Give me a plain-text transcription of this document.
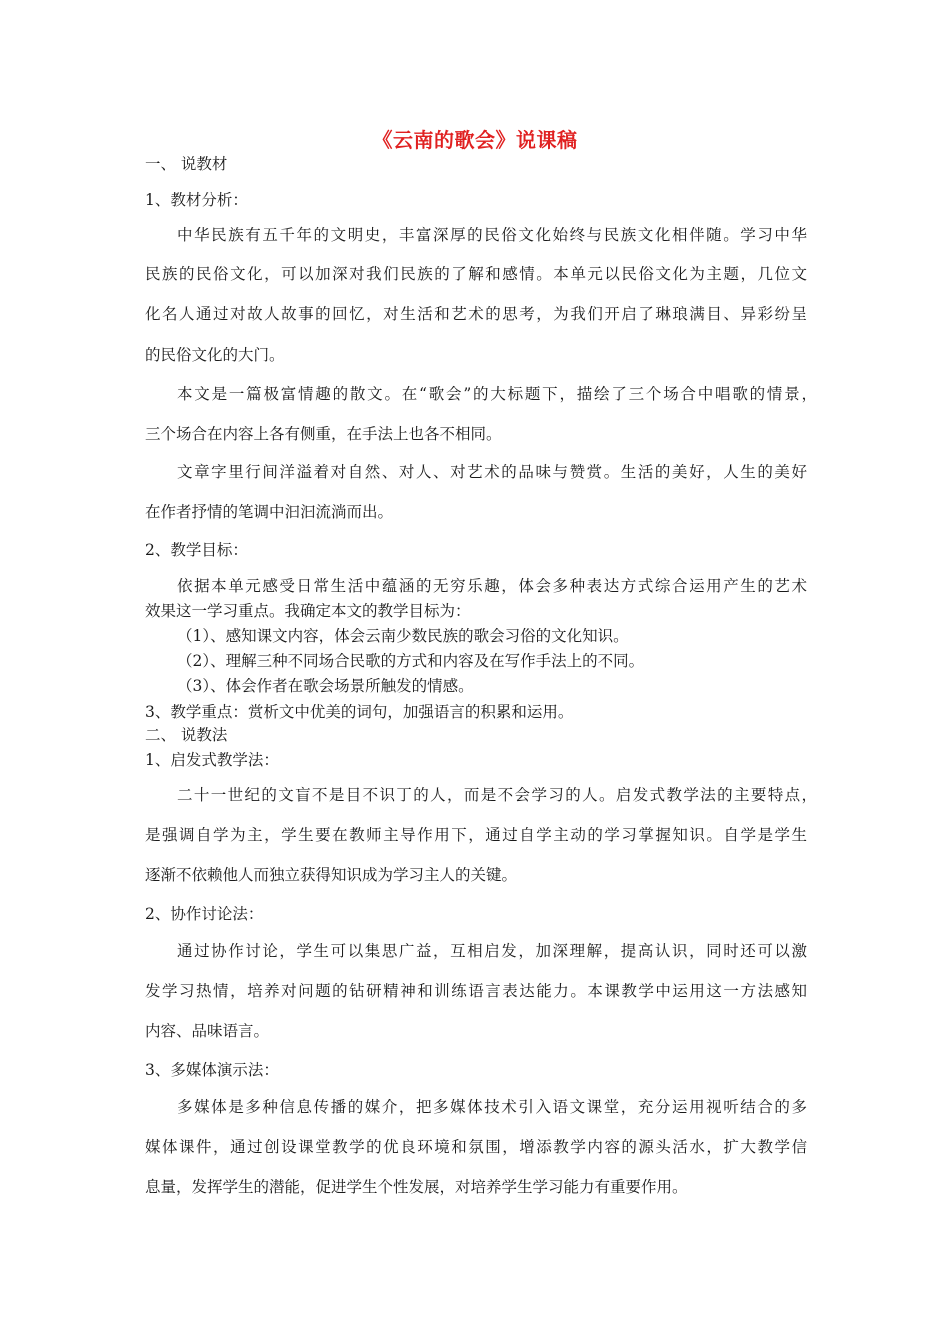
《云南的歌会》说课稿
一、 说教材
1、教材分析：
中华民族有五千年的文明史，丰富深厚的民俗文化始终与民族文化相伴随。学习中华
民族的民俗文化，可以加深对我们民族的了解和感情。本单元以民俗文化为主题，几位文
化名人通过对故人故事的回忆，对生活和艺术的思考，为我们开启了琳琅满目、异彩纷呈
的民俗文化的大门。
本文是一篇极富情趣的散文。在“歌会”的大标题下，描绘了三个场合中唱歌的情景，
三个场合在内容上各有侧重，在手法上也各不相同。
文章字里行间洋溢着对自然、对人、对艺术的品味与赞赏。生活的美好，人生的美好
在作者抒情的笔调中汩汩流淌而出。
2、教学目标：
依据本单元感受日常生活中蕴涵的无穷乐趣，体会多种表达方式综合运用产生的艺术
效果这一学习重点。我确定本文的教学目标为：
（1）、感知课文内容，体会云南少数民族的歌会习俗的文化知识。
（2）、理解三种不同场合民歌的方式和内容及在写作手法上的不同。
（3）、体会作者在歌会场景所触发的情感。
3、教学重点：赏析文中优美的词句，加强语言的积累和运用。
二、 说教法
1、启发式教学法：
二十一世纪的文盲不是目不识丁的人，而是不会学习的人。启发式教学法的主要特点，
是强调自学为主，学生要在教师主导作用下，通过自学主动的学习掌握知识。自学是学生
逐渐不依赖他人而独立获得知识成为学习主人的关键。
2、协作讨论法：
通过协作讨论，学生可以集思广益，互相启发，加深理解，提高认识，同时还可以激
发学习热情，培养对问题的钻研精神和训练语言表达能力。本课教学中运用这一方法感知
内容、品味语言。
3、多媒体演示法：
多媒体是多种信息传播的媒介，把多媒体技术引入语文课堂，充分运用视听结合的多
媒体课件，通过创设课堂教学的优良环境和氛围，增添教学内容的源头活水，扩大教学信
息量，发挥学生的潜能，促进学生个性发展，对培养学生学习能力有重要作用。
